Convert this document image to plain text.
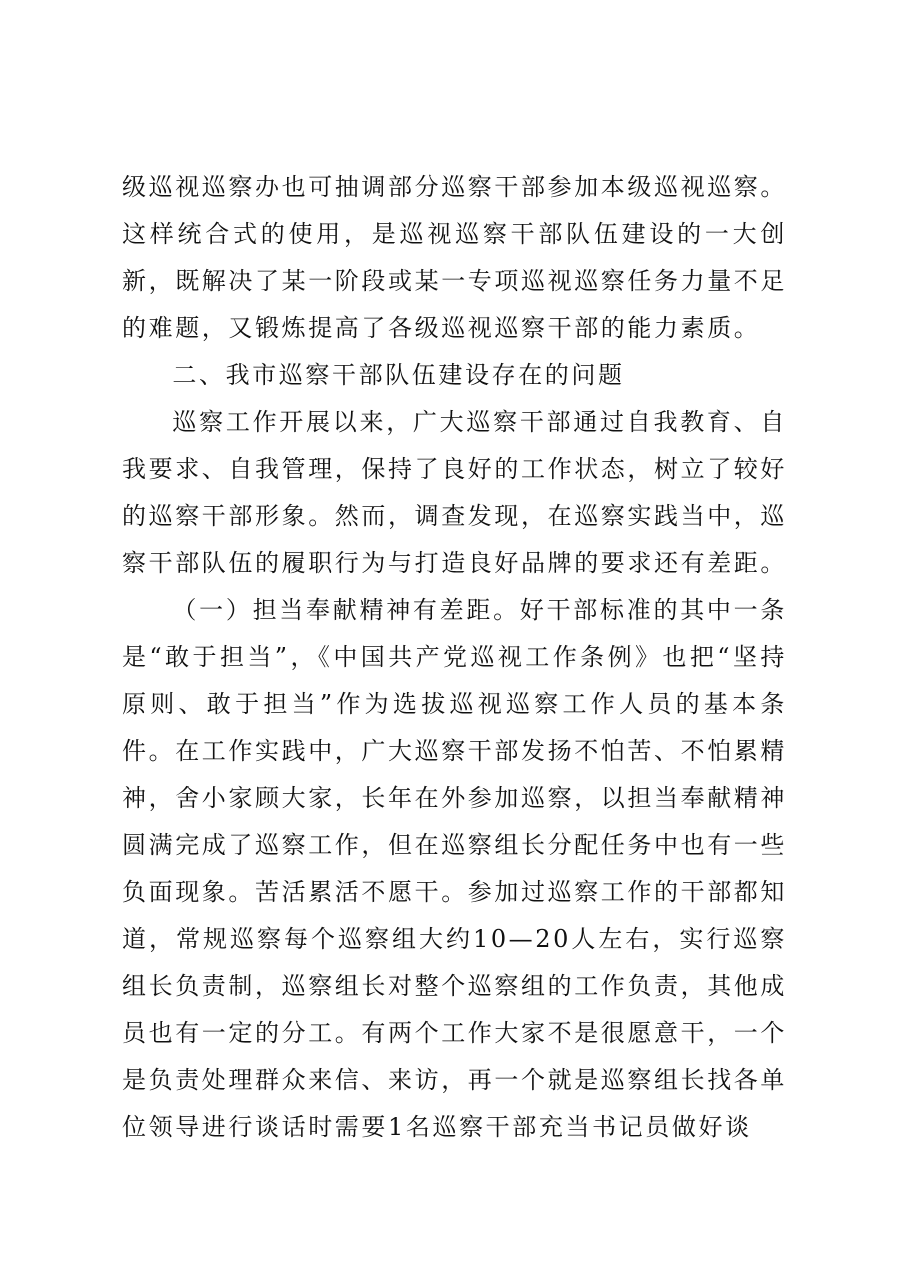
级巡视巡察办也可抽调部分巡察干部参加本级巡视巡察。这样统合式的使用，是巡视巡察干部队伍建设的一大创新，既解决了某一阶段或某一专项巡视巡察任务力量不足的难题，又锻炼提高了各级巡视巡察干部的能力素质。

二、我市巡察干部队伍建设存在的问题

巡察工作开展以来，广大巡察干部通过自我教育、自我要求、自我管理，保持了良好的工作状态，树立了较好的巡察干部形象。然而，调查发现，在巡察实践当中，巡察干部队伍的履职行为与打造良好品牌的要求还有差距。

（一）担当奉献精神有差距。好干部标准的其中一条是“敢于担当”，《中国共产党巡视工作条例》也把“坚持原则、敢于担当”作为选拔巡视巡察工作人员的基本条件。在工作实践中，广大巡察干部发扬不怕苦、不怕累精神，舍小家顾大家，长年在外参加巡察，以担当奉献精神圆满完成了巡察工作，但在巡察组长分配任务中也有一些负面现象。苦活累活不愿干。参加过巡察工作的干部都知道，常规巡察每个巡察组大约10—20人左右，实行巡察组长负责制，巡察组长对整个巡察组的工作负责，其他成员也有一定的分工。有两个工作大家不是很愿意干，一个是负责处理群众来信、来访，再一个就是巡察组长找各单位领导进行谈话时需要1名巡察干部充当书记员做好谈
